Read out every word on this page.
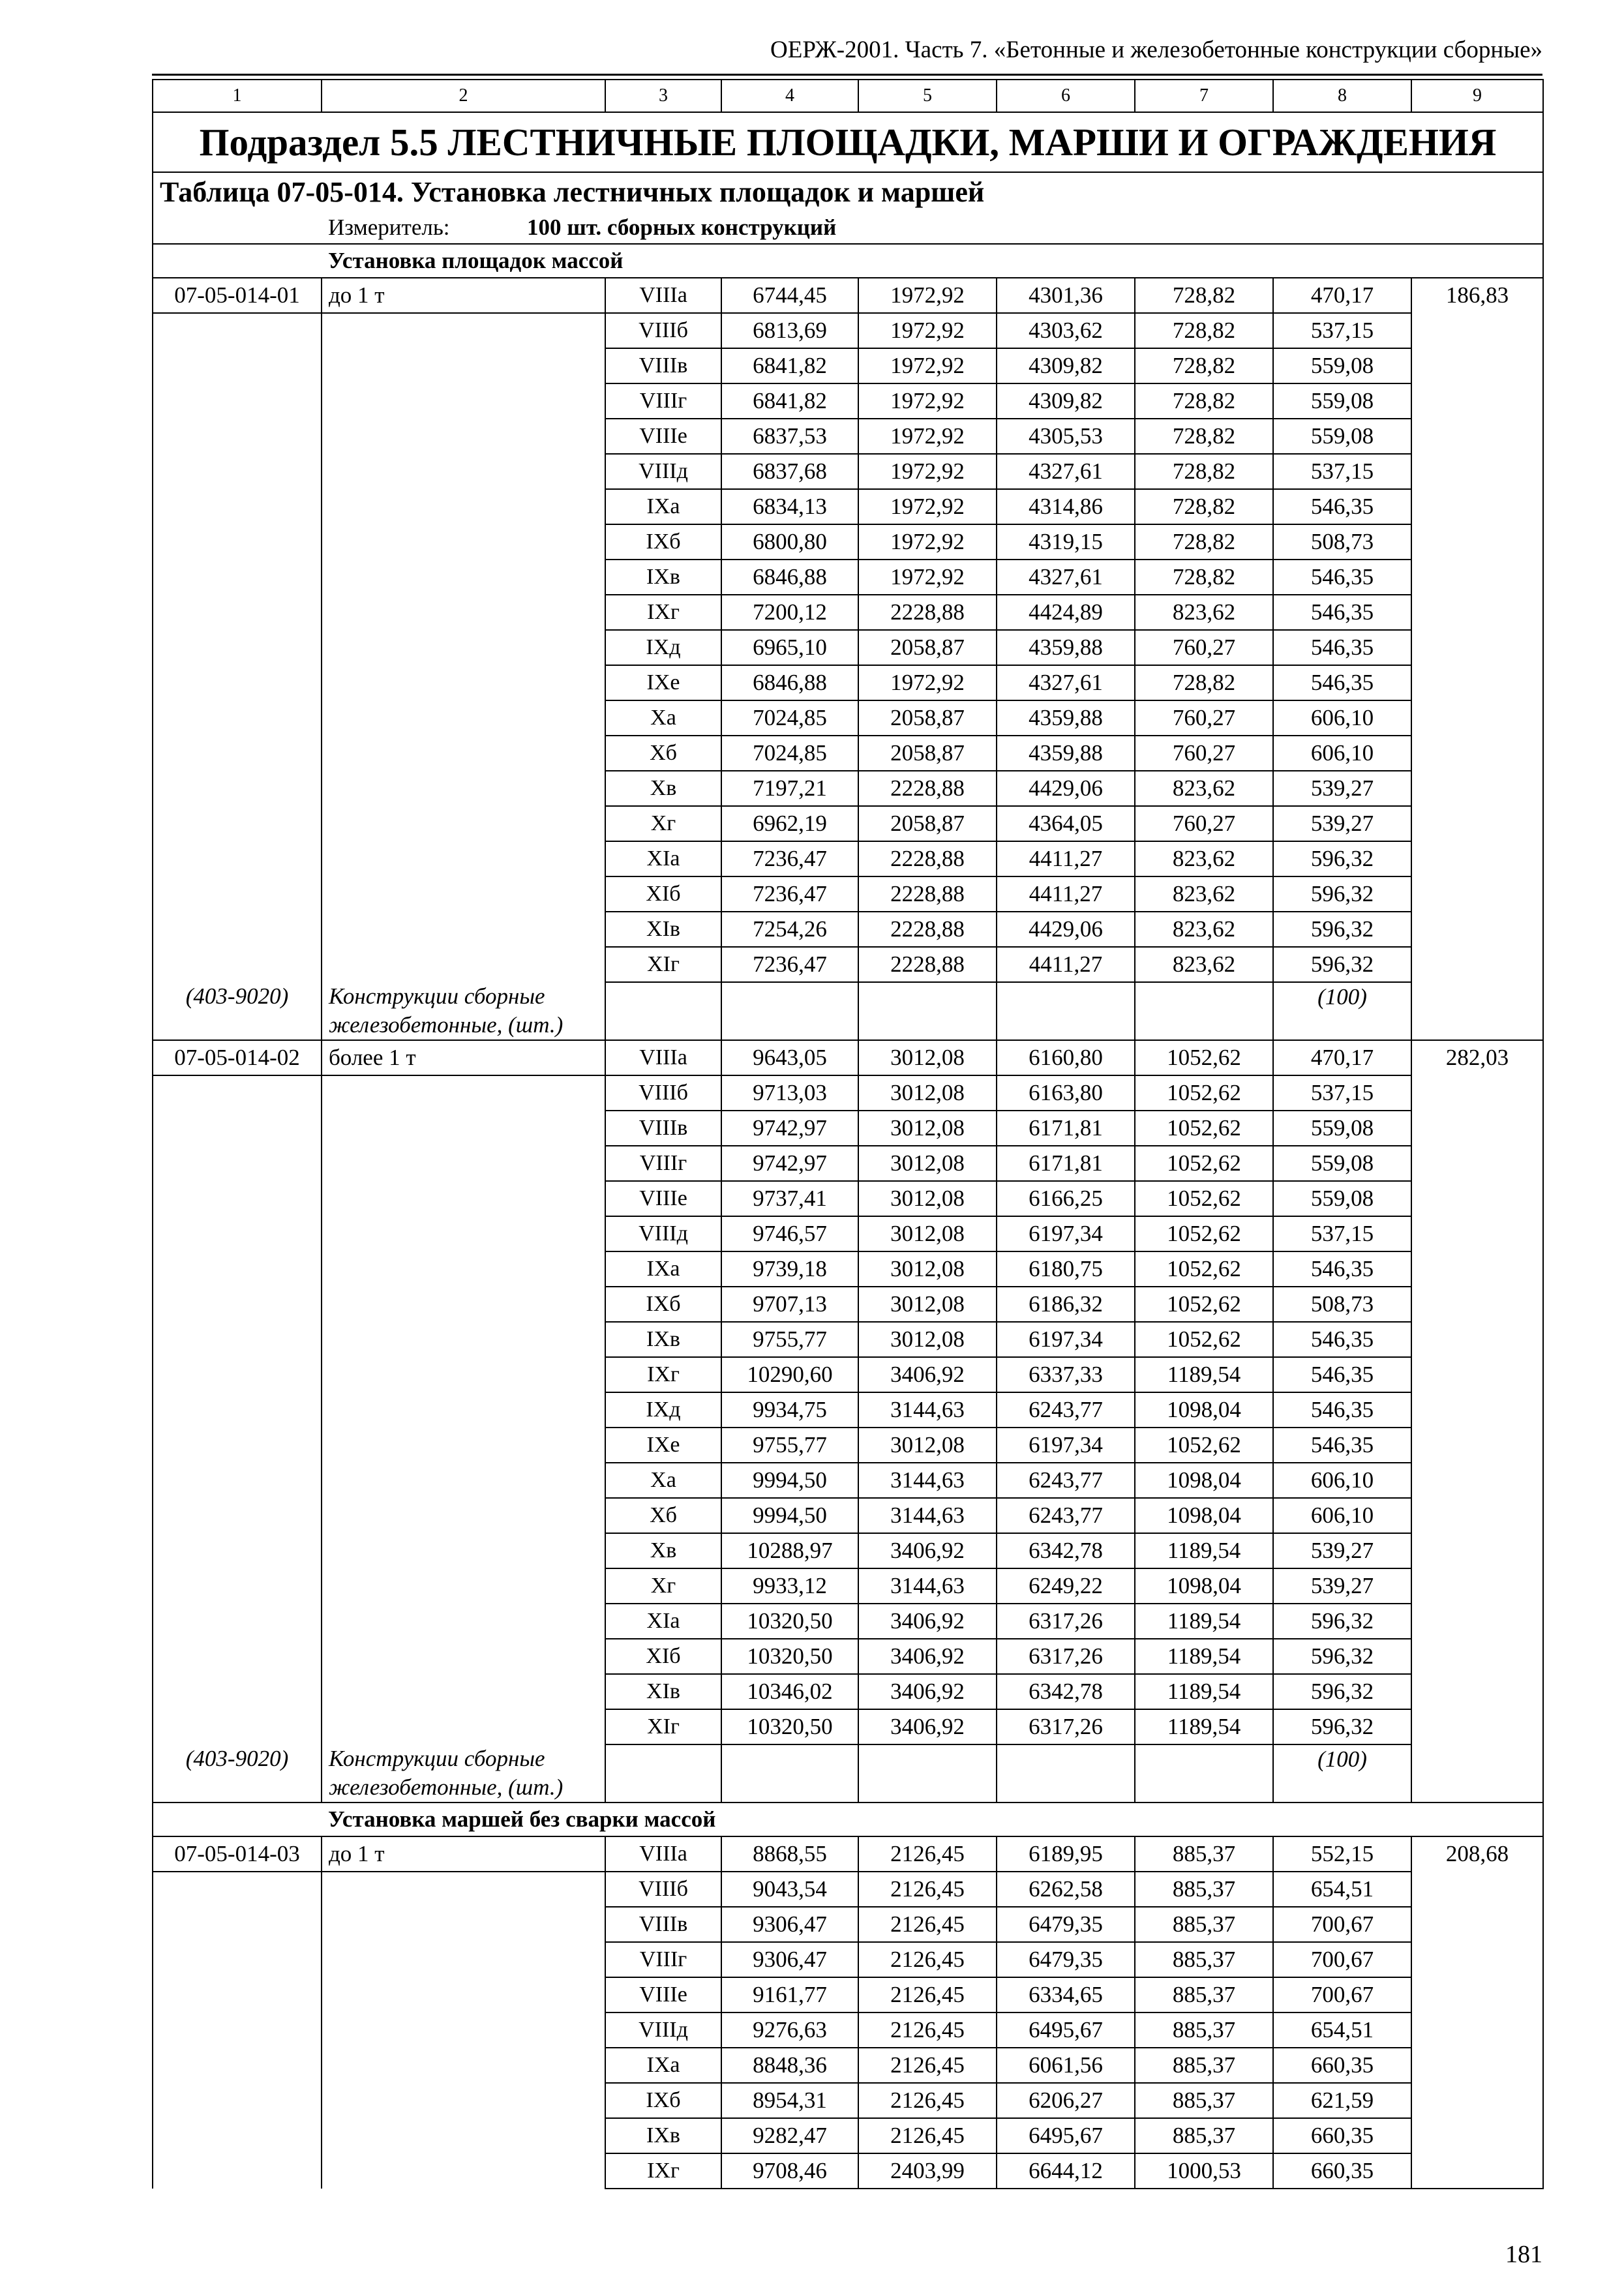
ОЕРЖ-2001. Часть 7. «Бетонные и железобетонные конструкции сборные»
1	2	3	4	5	6	7	8	9
Подраздел 5.5 ЛЕСТНИЧНЫЕ ПЛОЩАДКИ, МАРШИ И ОГРАЖДЕНИЯ								
Таблица 07-05-014. Установка лестничных площадок и маршей								
Измеритель: 100 шт. сборных конструкций								
Установка площадок массой								
07-05-014-01	до 1 т	VIIIа	6744,45	1972,92	4301,36	728,82	470,17	186,83
		VIIIб	6813,69	1972,92	4303,62	728,82	537,15	
		VIIIв	6841,82	1972,92	4309,82	728,82	559,08	
		VIIIг	6841,82	1972,92	4309,82	728,82	559,08	
		VIIIе	6837,53	1972,92	4305,53	728,82	559,08	
		VIIIд	6837,68	1972,92	4327,61	728,82	537,15	
		IXа	6834,13	1972,92	4314,86	728,82	546,35	
		IXб	6800,80	1972,92	4319,15	728,82	508,73	
		IXв	6846,88	1972,92	4327,61	728,82	546,35	
		IXг	7200,12	2228,88	4424,89	823,62	546,35	
		IXд	6965,10	2058,87	4359,88	760,27	546,35	
		IXе	6846,88	1972,92	4327,61	728,82	546,35	
		Xа	7024,85	2058,87	4359,88	760,27	606,10	
		Xб	7024,85	2058,87	4359,88	760,27	606,10	
		Xв	7197,21	2228,88	4429,06	823,62	539,27	
		Xг	6962,19	2058,87	4364,05	760,27	539,27	
		XIа	7236,47	2228,88	4411,27	823,62	596,32	
		XIб	7236,47	2228,88	4411,27	823,62	596,32	
		XIв	7254,26	2228,88	4429,06	823,62	596,32	
		XIг	7236,47	2228,88	4411,27	823,62	596,32	
(403-9020)	Конструкции сборные железобетонные, (шт.)						(100)	
07-05-014-02	более 1 т	VIIIа	9643,05	3012,08	6160,80	1052,62	470,17	282,03
		VIIIб	9713,03	3012,08	6163,80	1052,62	537,15	
		VIIIв	9742,97	3012,08	6171,81	1052,62	559,08	
		VIIIг	9742,97	3012,08	6171,81	1052,62	559,08	
		VIIIе	9737,41	3012,08	6166,25	1052,62	559,08	
		VIIIд	9746,57	3012,08	6197,34	1052,62	537,15	
		IXа	9739,18	3012,08	6180,75	1052,62	546,35	
		IXб	9707,13	3012,08	6186,32	1052,62	508,73	
		IXв	9755,77	3012,08	6197,34	1052,62	546,35	
		IXг	10290,60	3406,92	6337,33	1189,54	546,35	
		IXд	9934,75	3144,63	6243,77	1098,04	546,35	
		IXе	9755,77	3012,08	6197,34	1052,62	546,35	
		Xа	9994,50	3144,63	6243,77	1098,04	606,10	
		Xб	9994,50	3144,63	6243,77	1098,04	606,10	
		Xв	10288,97	3406,92	6342,78	1189,54	539,27	
		Xг	9933,12	3144,63	6249,22	1098,04	539,27	
		XIа	10320,50	3406,92	6317,26	1189,54	596,32	
		XIб	10320,50	3406,92	6317,26	1189,54	596,32	
		XIв	10346,02	3406,92	6342,78	1189,54	596,32	
		XIг	10320,50	3406,92	6317,26	1189,54	596,32	
(403-9020)	Конструкции сборные железобетонные, (шт.)						(100)	
Установка маршей без сварки массой								
07-05-014-03	до 1 т	VIIIа	8868,55	2126,45	6189,95	885,37	552,15	208,68
		VIIIб	9043,54	2126,45	6262,58	885,37	654,51	
		VIIIв	9306,47	2126,45	6479,35	885,37	700,67	
		VIIIг	9306,47	2126,45	6479,35	885,37	700,67	
		VIIIе	9161,77	2126,45	6334,65	885,37	700,67	
		VIIIд	9276,63	2126,45	6495,67	885,37	654,51	
		IXа	8848,36	2126,45	6061,56	885,37	660,35	
		IXб	8954,31	2126,45	6206,27	885,37	621,59	
		IXв	9282,47	2126,45	6495,67	885,37	660,35	
		IXг	9708,46	2403,99	6644,12	1000,53	660,35	
181
